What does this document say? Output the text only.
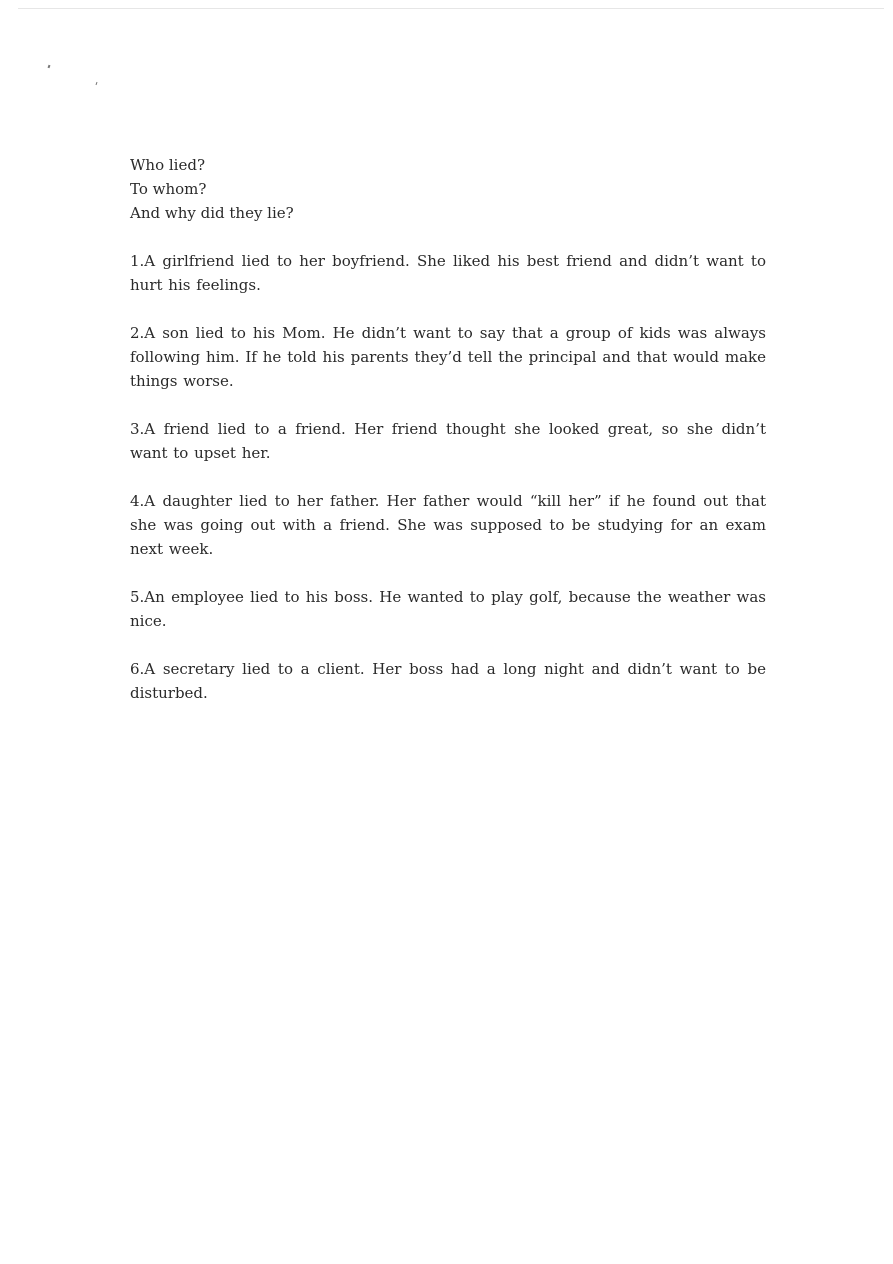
Who lied?

To whom?

And why did they lie?

1.A girlfriend lied to her boyfriend. She liked his best friend and didn’t want to hurt his feelings.

2.A son lied to his Mom. He didn’t want to say that a group of kids was always following him. If he told his parents they’d tell the principal and that would make things worse.

3.A friend lied to a friend. Her friend thought she looked great, so she didn’t want to upset her.

4.A daughter lied to her father. Her father would “kill her” if he found out that she was going out with a friend. She was supposed to be studying for an exam next week.

5.An employee lied to his boss. He wanted to play golf, because the weather was nice.

6.A secretary lied to a client. Her boss had a long night and didn’t want to be disturbed.
